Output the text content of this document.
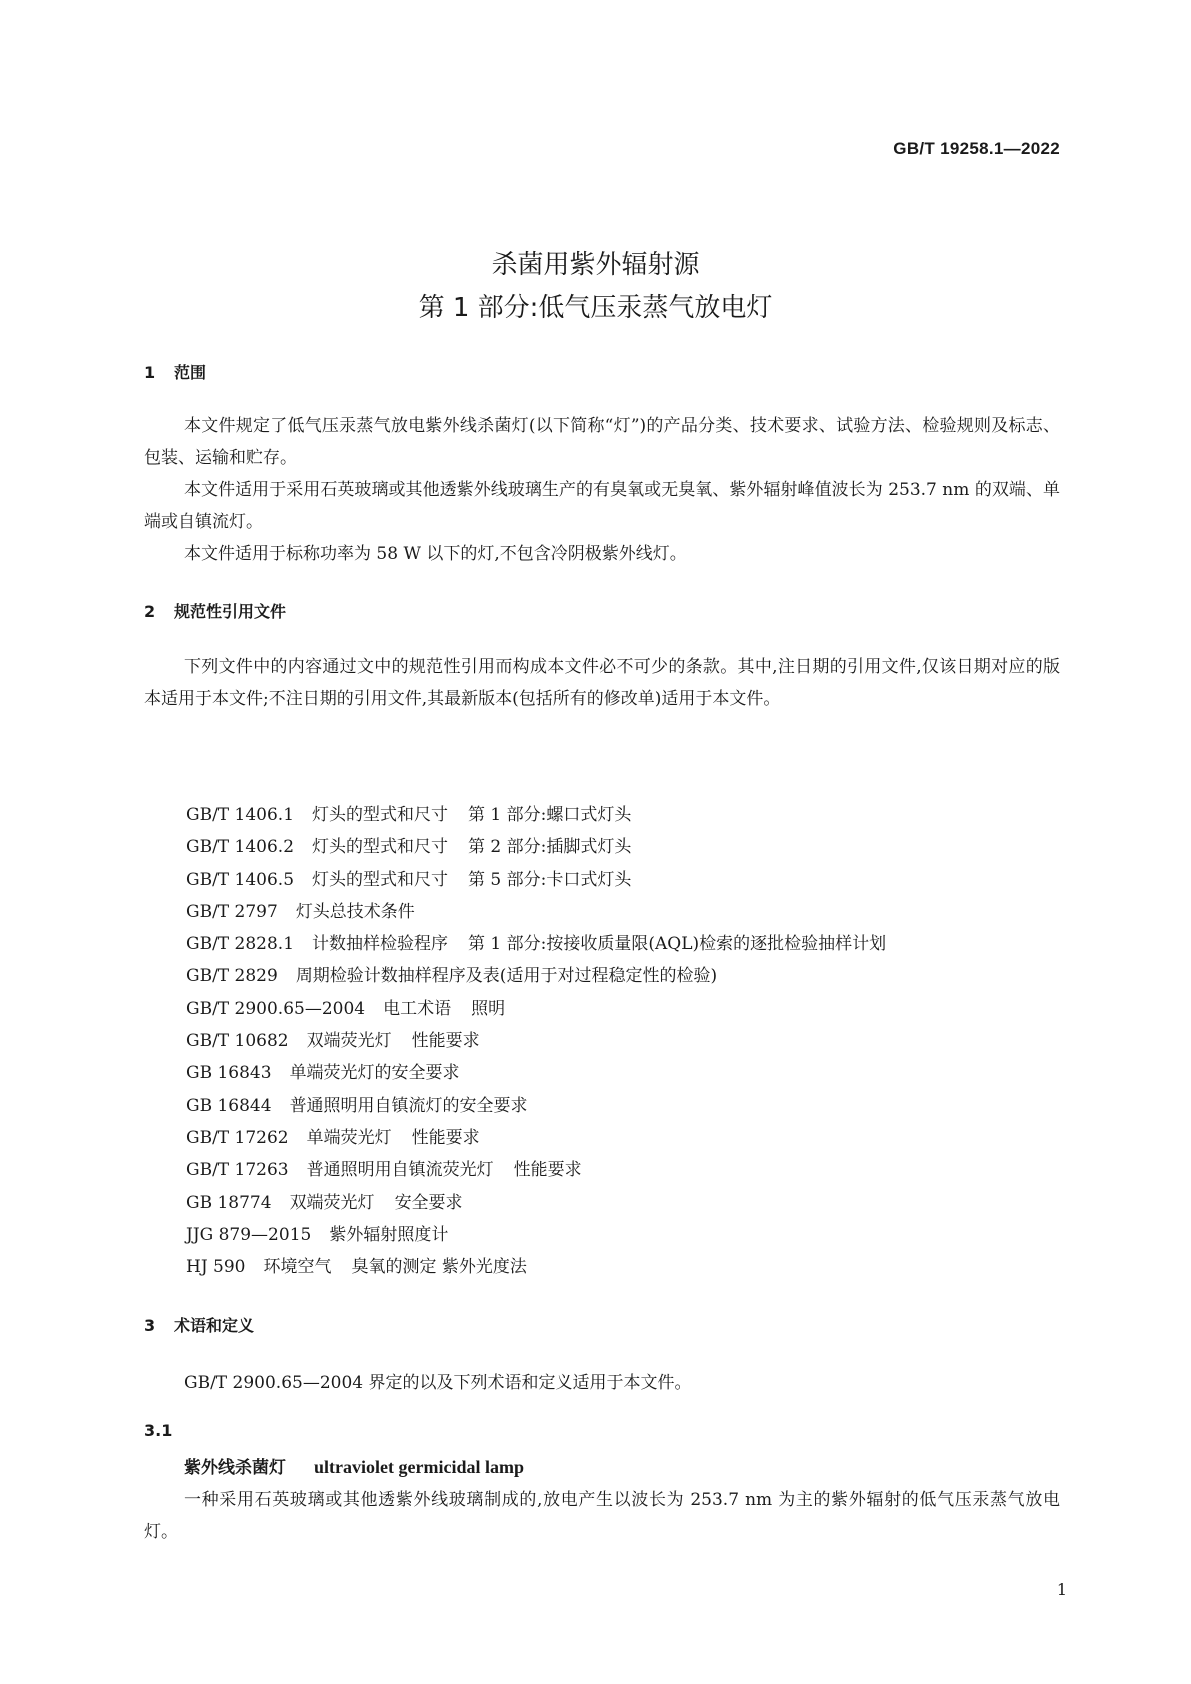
GB/T 19258.1—2022
杀菌用紫外辐射源
第 1 部分:低气压汞蒸气放电灯
1 范围

本文件规定了低气压汞蒸气放电紫外线杀菌灯(以下简称“灯”)的产品分类、技术要求、试验方法、检验规则及标志、包装、运输和贮存。

本文件适用于采用石英玻璃或其他透紫外线玻璃生产的有臭氧或无臭氧、紫外辐射峰值波长为 253.7 nm 的双端、单端或自镇流灯。

本文件适用于标称功率为 58 W 以下的灯,不包含冷阴极紫外线灯。

2 规范性引用文件

下列文件中的内容通过文中的规范性引用而构成本文件必不可少的条款。其中,注日期的引用文件,仅该日期对应的版本适用于本文件;不注日期的引用文件,其最新版本(包括所有的修改单)适用于本文件。

GB/T 1406.1 灯头的型式和尺寸 第 1 部分:螺口式灯头
GB/T 1406.2 灯头的型式和尺寸 第 2 部分:插脚式灯头
GB/T 1406.5 灯头的型式和尺寸 第 5 部分:卡口式灯头
GB/T 2797 灯头总技术条件
GB/T 2828.1 计数抽样检验程序 第 1 部分:按接收质量限(AQL)检索的逐批检验抽样计划
GB/T 2829 周期检验计数抽样程序及表(适用于对过程稳定性的检验)
GB/T 2900.65—2004 电工术语 照明
GB/T 10682 双端荧光灯 性能要求
GB 16843 单端荧光灯的安全要求
GB 16844 普通照明用自镇流灯的安全要求
GB/T 17262 单端荧光灯 性能要求
GB/T 17263 普通照明用自镇流荧光灯 性能要求
GB 18774 双端荧光灯 安全要求
JJG 879—2015 紫外辐射照度计
HJ 590 环境空气 臭氧的测定 紫外光度法
3 术语和定义

GB/T 2900.65—2004 界定的以及下列术语和定义适用于本文件。

3.1
紫外线杀菌灯 ultraviolet germicidal lamp

一种采用石英玻璃或其他透紫外线玻璃制成的,放电产生以波长为 253.7 nm 为主的紫外辐射的低气压汞蒸气放电灯。

1
